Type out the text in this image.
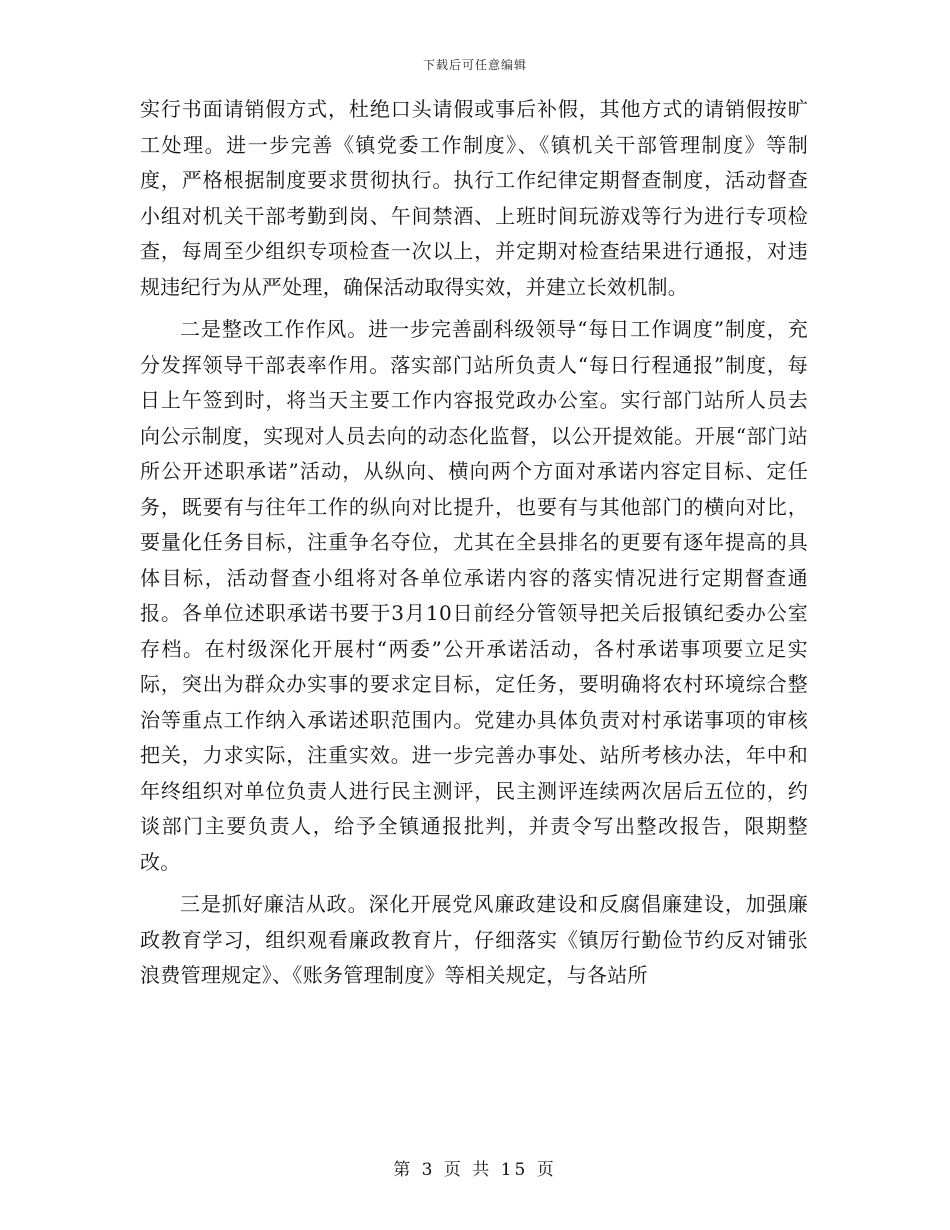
下载后可任意编辑

实行书面请销假方式，杜绝口头请假或事后补假，其他方式的请销假按旷工处理。进一步完善《镇党委工作制度》、《镇机关干部管理制度》等制度，严格根据制度要求贯彻执行。执行工作纪律定期督查制度，活动督查小组对机关干部考勤到岗、午间禁酒、上班时间玩游戏等行为进行专项检查，每周至少组织专项检查一次以上，并定期对检查结果进行通报，对违规违纪行为从严处理，确保活动取得实效，并建立长效机制。

二是整改工作作风。进一步完善副科级领导“每日工作调度”制度，充分发挥领导干部表率作用。落实部门站所负责人“每日行程通报”制度，每日上午签到时，将当天主要工作内容报党政办公室。实行部门站所人员去向公示制度，实现对人员去向的动态化监督，以公开提效能。开展“部门站所公开述职承诺”活动，从纵向、横向两个方面对承诺内容定目标、定任务，既要有与往年工作的纵向对比提升，也要有与其他部门的横向对比，要量化任务目标，注重争名夺位，尤其在全县排名的更要有逐年提高的具体目标，活动督查小组将对各单位承诺内容的落实情况进行定期督查通报。各单位述职承诺书要于3月10日前经分管领导把关后报镇纪委办公室存档。在村级深化开展村“两委”公开承诺活动，各村承诺事项要立足实际，突出为群众办实事的要求定目标，定任务，要明确将农村环境综合整治等重点工作纳入承诺述职范围内。党建办具体负责对村承诺事项的审核把关，力求实际，注重实效。进一步完善办事处、站所考核办法，年中和年终组织对单位负责人进行民主测评，民主测评连续两次居后五位的，约谈部门主要负责人，给予全镇通报批判，并责令写出整改报告，限期整改。

三是抓好廉洁从政。深化开展党风廉政建设和反腐倡廉建设，加强廉政教育学习，组织观看廉政教育片，仔细落实《镇厉行勤俭节约反对铺张浪费管理规定》、《账务管理制度》等相关规定，与各站所

第 3 页 共 15 页
